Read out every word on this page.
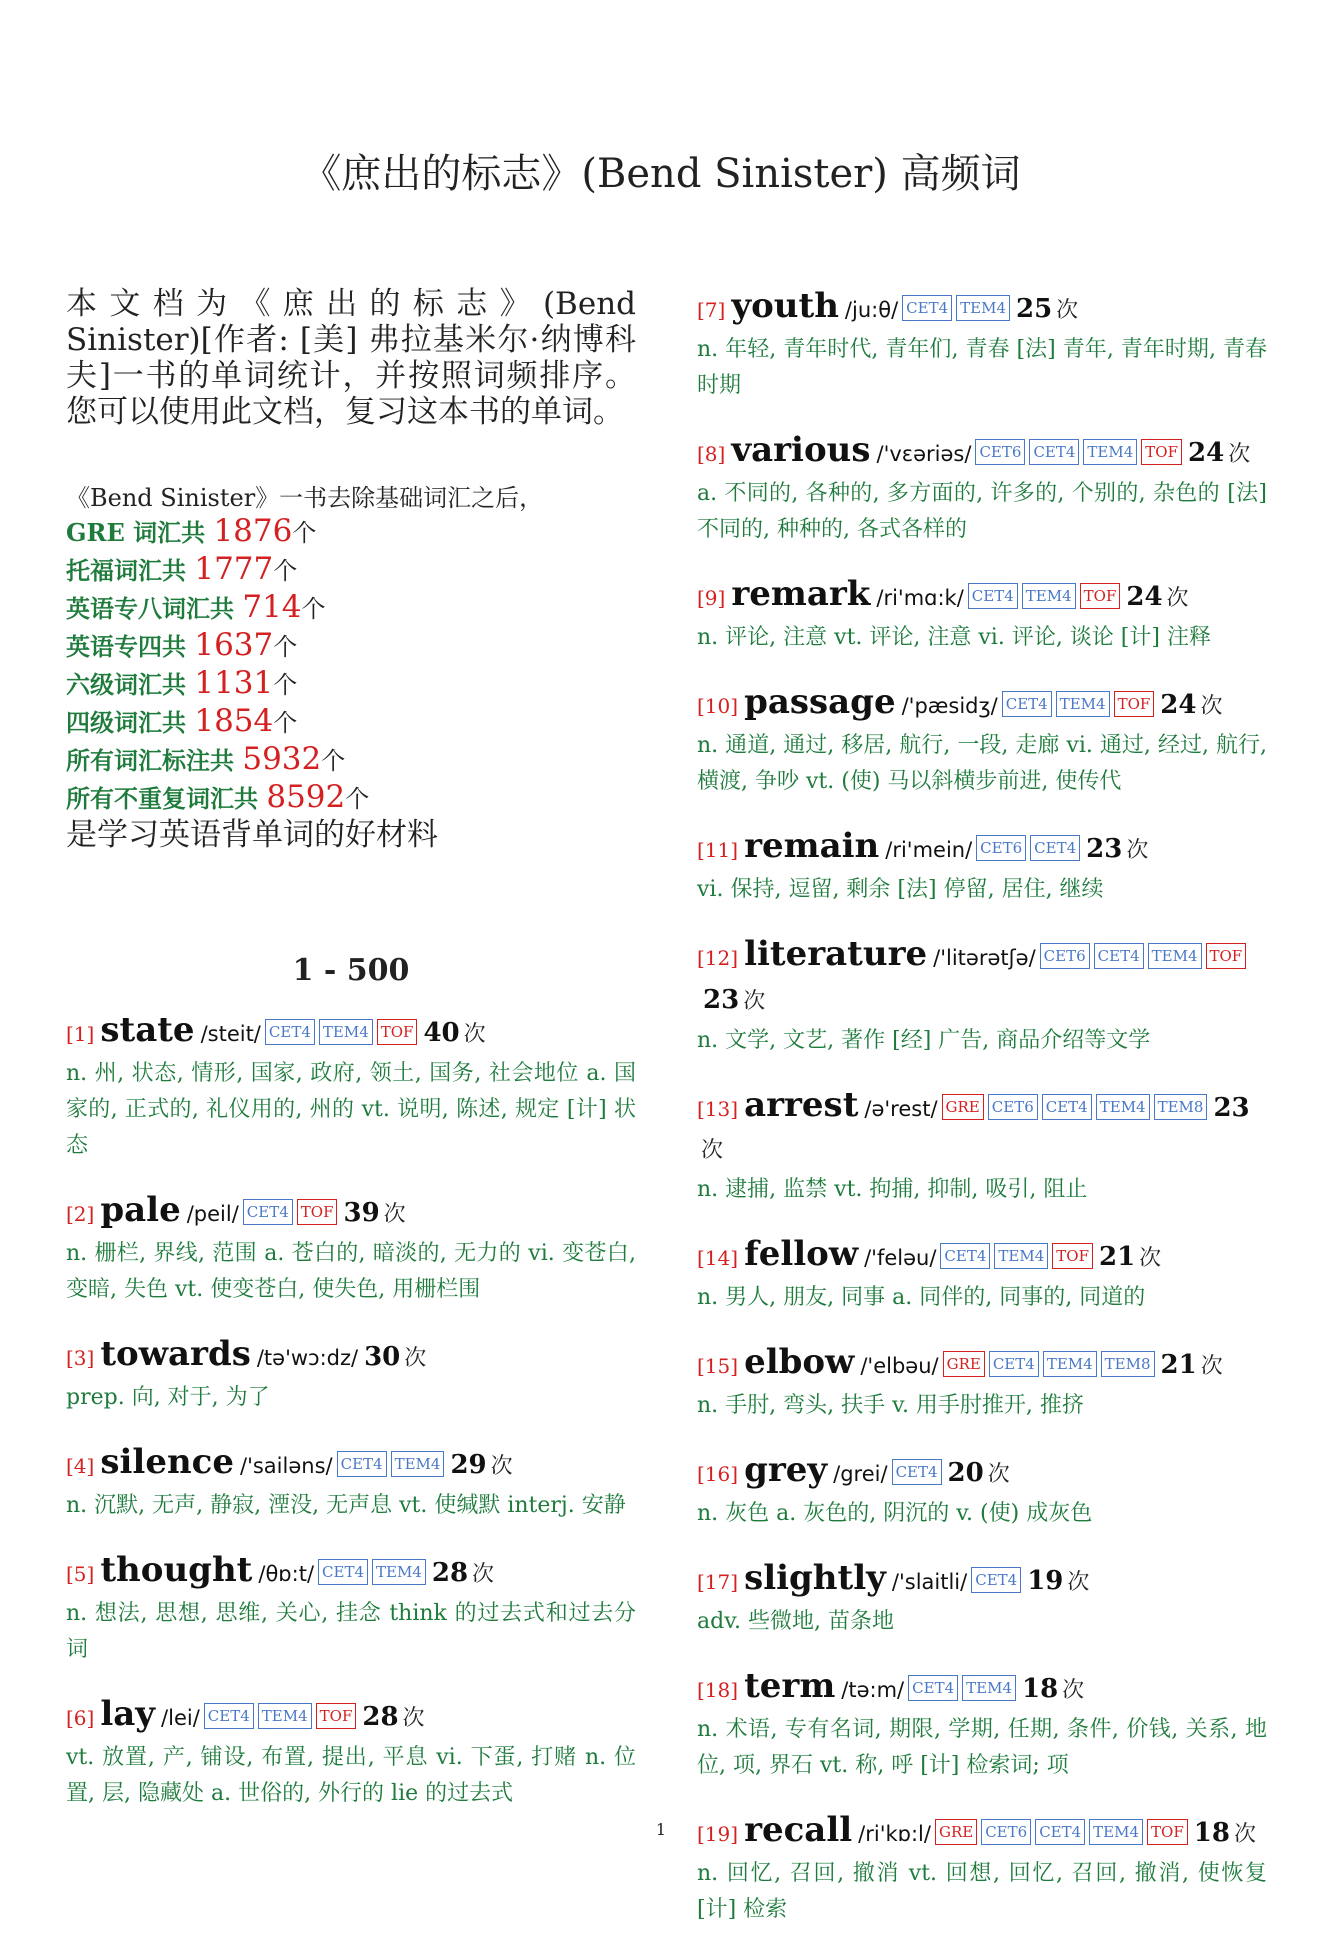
《庶出的标志》(Bend Sinister) 高频词
本文档为《庶出的标志》(Bend Sinister)[作者: [美] 弗拉基米尔·纳博科夫]一书的单词统计，并按照词频排序。您可以使用此文档，复习这本书的单词。
《Bend Sinister》一书去除基础词汇之后，
GRE 词汇共 1876个
托福词汇共 1777个
英语专八词汇共 714个
英语专四共 1637个
六级词汇共 1131个
四级词汇共 1854个
所有词汇标注共 5932个
所有不重复词汇共 8592个
是学习英语背单词的好材料
1 - 500
[1] state /steit/ CET4 TEM4 TOF 40 次
n. 州, 状态, 情形, 国家, 政府, 领土, 国务, 社会地位 a. 国家的, 正式的, 礼仪用的, 州的 vt. 说明, 陈述, 规定 [计] 状态
[2] pale /peil/ CET4 TOF 39 次
n. 栅栏, 界线, 范围 a. 苍白的, 暗淡的, 无力的 vi. 变苍白, 变暗, 失色 vt. 使变苍白, 使失色, 用栅栏围
[3] towards /tə'wɔ:dz/ 30 次
prep. 向, 对于, 为了
[4] silence /'sailəns/ CET4 TEM4 29 次
n. 沉默, 无声, 静寂, 湮没, 无声息 vt. 使缄默 interj. 安静
[5] thought /θɒ:t/ CET4 TEM4 28 次
n. 想法, 思想, 思维, 关心, 挂念 think 的过去式和过去分词
[6] lay /lei/ CET4 TEM4 TOF 28 次
vt. 放置, 产, 铺设, 布置, 提出, 平息 vi. 下蛋, 打赌 n. 位置, 层, 隐藏处 a. 世俗的, 外行的 lie 的过去式
[7] youth /ju:θ/ CET4 TEM4 25 次
n. 年轻, 青年时代, 青年们, 青春 [法] 青年, 青年时期, 青春时期
[8] various /'vɛəriəs/ CET6 CET4 TEM4 TOF 24 次
a. 不同的, 各种的, 多方面的, 许多的, 个别的, 杂色的 [法] 不同的, 种种的, 各式各样的
[9] remark /ri'mɑ:k/ CET4 TEM4 TOF 24 次
n. 评论, 注意 vt. 评论, 注意 vi. 评论, 谈论 [计] 注释
[10] passage /'pæsidʒ/ CET4 TEM4 TOF 24 次
n. 通道, 通过, 移居, 航行, 一段, 走廊 vi. 通过, 经过, 航行, 横渡, 争吵 vt. (使) 马以斜横步前进, 使传代
[11] remain /ri'mein/ CET6 CET4 23 次
vi. 保持, 逗留, 剩余 [法] 停留, 居住, 继续
[12] literature /'litərətʃə/ CET6 CET4 TEM4 TOF23 次
n. 文学, 文艺, 著作 [经] 广告, 商品介绍等文学
[13] arrest /ə'rest/ GRE CET6 CET4 TEM4 TEM8 23次
n. 逮捕, 监禁 vt. 拘捕, 抑制, 吸引, 阻止
[14] fellow /'feləu/ CET4 TEM4 TOF 21 次
n. 男人, 朋友, 同事 a. 同伴的, 同事的, 同道的
[15] elbow /'elbəu/ GRE CET4 TEM4 TEM8 21 次
n. 手肘, 弯头, 扶手 v. 用手肘推开, 推挤
[16] grey /grei/ CET4 20 次
n. 灰色 a. 灰色的, 阴沉的 v. (使) 成灰色
[17] slightly /'slaitli/ CET4 19 次
adv. 些微地, 苗条地
[18] term /tə:m/ CET4 TEM4 18 次
n. 术语, 专有名词, 期限, 学期, 任期, 条件, 价钱, 关系, 地位, 项, 界石 vt. 称, 呼 [计] 检索词; 项
[19] recall /ri'kɒ:l/ GRE CET6 CET4 TEM4 TOF 18 次
n. 回忆, 召回, 撤消 vt. 回想, 回忆, 召回, 撤消, 使恢复 [计] 检索
1
